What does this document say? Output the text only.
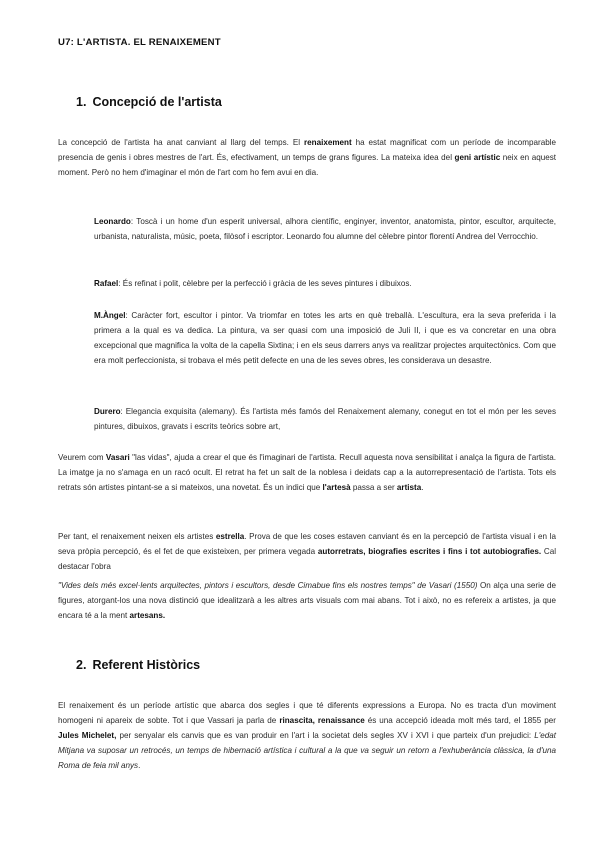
U7: L'ARTISTA. EL RENAIXEMENT
1. Concepció de l'artista

La concepció de l'artista ha anat canviant al llarg del temps. El renaixement ha estat magnificat com un període de incomparable presencia de genis i obres mestres de l'art. És, efectivament, un temps de grans figures. La mateixa idea del geni artístic neix en aquest moment. Però no hem d'imaginar el món de l'art com ho fem avui en dia.

Leonardo: Toscà i un home d'un esperit universal, alhora científic, enginyer, inventor, anatomista, pintor, escultor, arquitecte, urbanista, naturalista, músic, poeta, filòsof i escriptor. Leonardo fou alumne del cèlebre pintor florentí Andrea del Verrocchio.

Rafael: És refinat i polit, cèlebre per la perfecció i gràcia de les seves pintures i dibuixos.

M.Àngel: Caràcter fort, escultor i pintor. Va triomfar en totes les arts en què treballà. L'escultura, era la seva preferida i la primera a la qual es va dedica. La pintura, va ser quasi com una imposició de Juli II, i que es va concretar en una obra excepcional que magnifica la volta de la capella Sixtina; i en els seus darrers anys va realitzar projectes arquitectònics. Com que era molt perfeccionista, si trobava el més petit defecte en una de les seves obres, les considerava un desastre.

Durero: Elegancia exquisita (alemany). És l'artista més famós del Renaixement alemany, conegut en tot el món per les seves pintures, dibuixos, gravats i escrits teòrics sobre art,

Veurem com Vasari "las vidas", ajuda a crear el que és l'imaginari de l'artista. Recull aquesta nova sensibilitat i analça la figura de l'artista. La imatge ja no s'amaga en un racó ocult. El retrat ha fet un salt de la noblesa i deidats cap a la autorrepresentació de l'artista. Tots els retrats són artistes pintant-se a si mateixos, una novetat. És un indici que l'artesà passa a ser artista.

Per tant, el renaixement neixen els artistes estrella. Prova de que les coses estaven canviant és en la percepció de l'artista visual i en la seva pròpia percepció, és el fet de que existeixen, per primera vegada autorretrats, biografies escrites i fins i tot autobiografies. Cal destacar l'obra

"Vides dels més excel·lents arquitectes, pintors i escultors, desde Cimabue fins els nostres temps" de Vasari (1550) On alça una serie de figures, atorgant-los una nova distinció que idealitzarà a les altres arts visuals com mai abans. Tot i això, no es refereix a artistes, ja que encara té a la ment artesans.

2. Referent Històrics

El renaixement és un període artístic que abarca dos segles i que té diferents expressions a Europa. No es tracta d'un moviment homogeni ni apareix de sobte. Tot i que Vassari ja parla de rinascita, renaissance és una accepció ideada molt més tard, el 1855 per Jules Michelet, per senyalar els canvis que es van produir en l'art i la societat dels segles XV i XVI i que parteix d'un prejudici: L'edat Mitjana va suposar un retrocés, un temps de hibernació artística i cultural a la que va seguir un retorn a l'exhuberància clàssica, la d'una Roma de feia mil anys.
